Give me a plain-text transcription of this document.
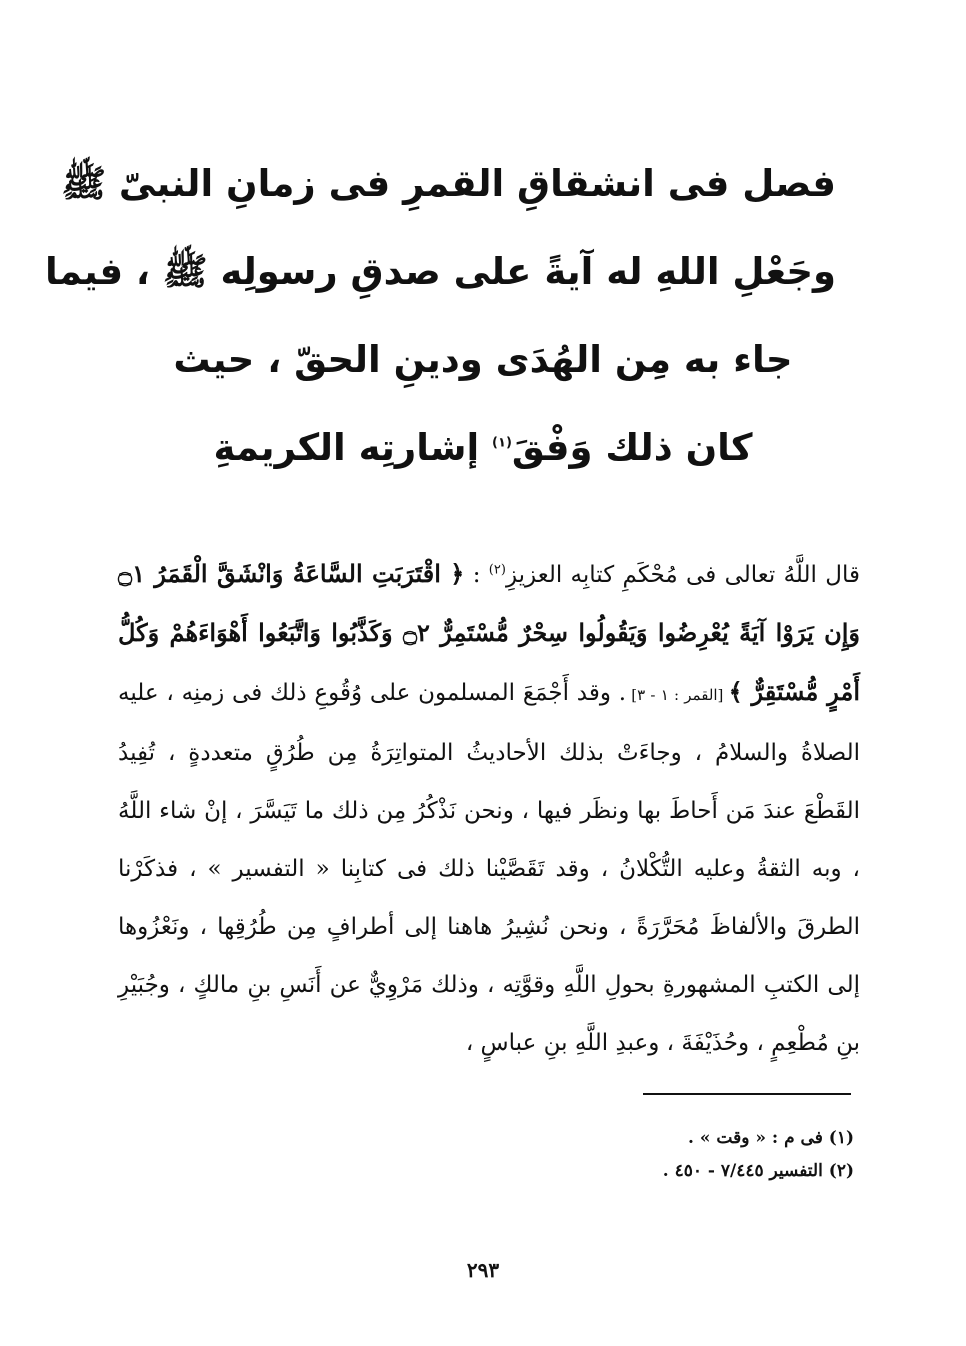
فصل فى انشقاقِ القمرِ فى زمانِ النبىّ ﷺ
وجَعْلِ اللهِ له آيةً على صدقِ رسولِه ﷺ ، فيما
جاء به مِن الهُدَى ودينِ الحقّ ، حيث
كان ذلك وَفْقَ$^{(١)}$ إشارتِه الكريمةِ

قال اللَّهُ تعالى فى مُحْكَمِ كتابِه العزيزِ$^{(٢)}$ : ﴿ اقْتَرَبَتِ السَّاعَةُ وَانْشَقَّ الْقَمَرُ ۝١ وَإِن يَرَوْا آيَةً يُعْرِضُوا وَيَقُولُوا سِحْرٌ مُّسْتَمِرٌّ ۝٢ وَكَذَّبُوا وَاتَّبَعُوا أَهْوَاءَهُمْ وَكُلُّ أَمْرٍ مُّسْتَقِرٌّ ﴾ [القمر : ١ - ٣] . وقد أَجْمَعَ المسلمون على وُقُوعِ ذلك فى زمنِه ، عليه الصلاةُ والسلامُ ، وجاءَتْ بذلك الأحاديثُ المتواتِرَةُ مِن طُرُقٍ متعددةٍ ، تُفِيدُ القَطْعَ عندَ مَن أَحاطَ بها ونظَر فيها ، ونحن نَذْكُرُ مِن ذلك ما تَيَسَّرَ ، إنْ شاء اللَّهُ ، وبه الثقةُ وعليه التُّكْلانُ ، وقد تَقَصَّيْنا ذلك فى كتابِنا « التفسير » ، فذكَرْنا الطرقَ والألفاظَ مُحَرَّرَةً ، ونحن نُشِيرُ هاهنا إلى أطرافٍ مِن طُرُقِها ، ونَعْزُوها إلى الكتبِ المشهورةِ بحولِ اللَّهِ وقوَّتِه ، وذلك مَرْوِيٌّ عن أَنَسِ بنِ مالكٍ ، وجُبَيْرِ بنِ مُطْعِمٍ ، وحُذَيْفَةَ ، وعبدِ اللَّهِ بنِ عباسٍ ،

(١) فى م : « وقت » .
(٢) التفسير ٧/٤٤٥ - ٤٥٠ .
٢٩٣
